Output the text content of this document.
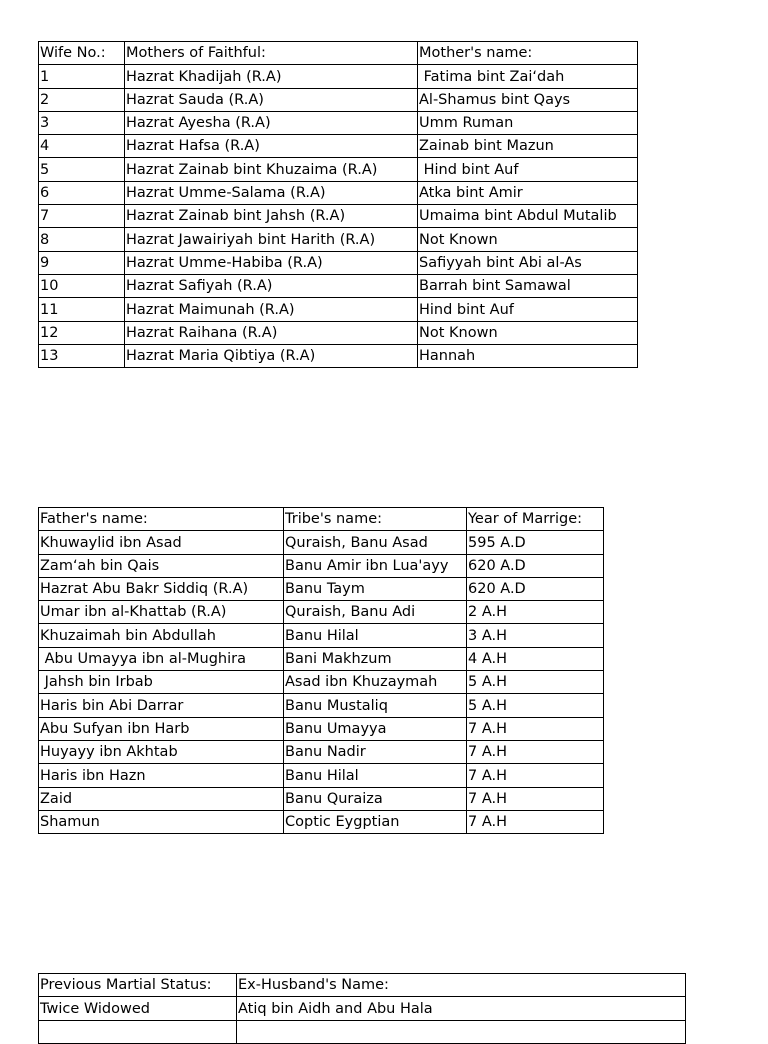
Wife No.:	Mothers of Faithful:	Mother's name:
1	Hazrat Khadijah (R.A)	Fatima bint Zai‘dah
2	Hazrat Sauda (R.A)	Al-Shamus bint Qays
3	Hazrat Ayesha (R.A)	Umm Ruman
4	Hazrat Hafsa (R.A)	Zainab bint Mazun
5	Hazrat Zainab bint Khuzaima (R.A)	Hind bint Auf
6	Hazrat Umme-Salama (R.A)	Atka bint Amir
7	Hazrat Zainab bint Jahsh (R.A)	Umaima bint Abdul Mutalib
8	Hazrat Jawairiyah bint Harith (R.A)	Not Known
9	Hazrat Umme-Habiba (R.A)	Safiyyah bint Abi al-As
10	Hazrat Safiyah (R.A)	Barrah bint Samawal
11	Hazrat Maimunah (R.A)	Hind bint Auf
12	Hazrat Raihana (R.A)	Not Known
13	Hazrat Maria Qibtiya (R.A)	Hannah
Father's name:	Tribe's name:	Year of Marrige:
Khuwaylid ibn Asad	Quraish, Banu Asad	595 A.D
Zam‘ah bin Qais	Banu Amir ibn Lua'ayy	620 A.D
Hazrat Abu Bakr Siddiq (R.A)	Banu Taym	620 A.D
Umar ibn al-Khattab (R.A)	Quraish, Banu Adi	2 A.H
Khuzaimah bin Abdullah	Banu Hilal	3 A.H
Abu Umayya ibn al-Mughira	Bani Makhzum	4 A.H
Jahsh bin Irbab	Asad ibn Khuzaymah	5 A.H
Haris bin Abi Darrar	Banu Mustaliq	5 A.H
Abu Sufyan ibn Harb	Banu Umayya	7 A.H
Huyayy ibn Akhtab	Banu Nadir	7 A.H
Haris ibn Hazn	Banu Hilal	7 A.H
Zaid	Banu Quraiza	7 A.H
Shamun	Coptic Eygptian	7 A.H
Previous Martial Status:	Ex-Husband's Name:
Twice Widowed	Atiq bin Aidh and Abu Hala
